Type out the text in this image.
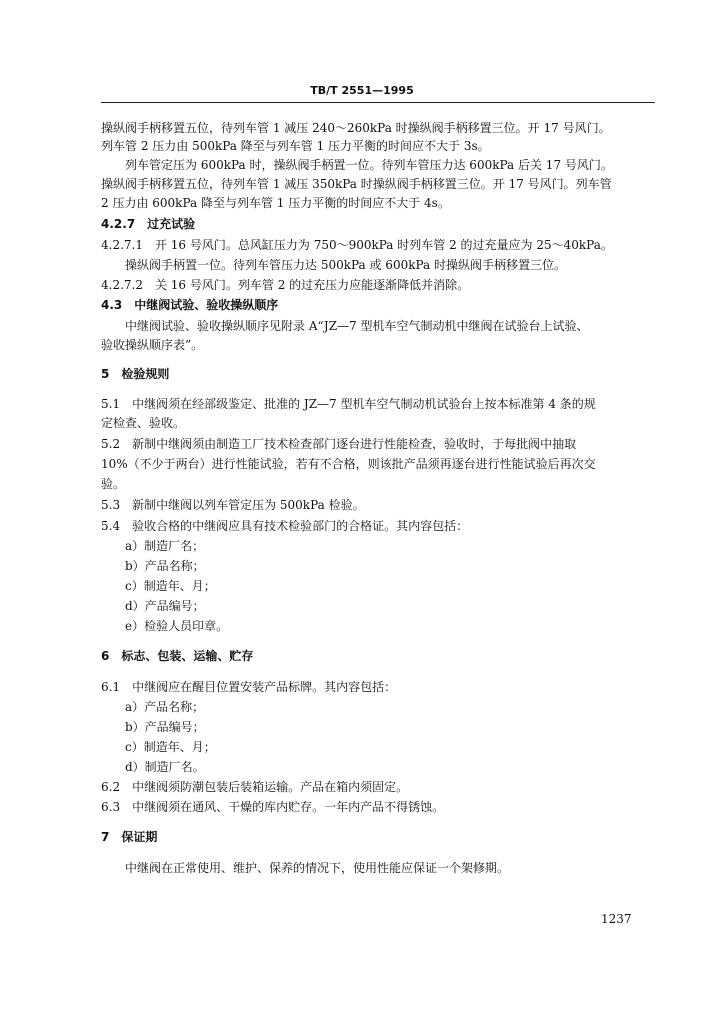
TB/T 2551—1995
操纵阀手柄移置五位，待列车管 1 减压 240～260kPa 时操纵阀手柄移置三位。开 17 号风门。
列车管 2 压力由 500kPa 降至与列车管 1 压力平衡的时间应不大于 3s。
列车管定压为 600kPa 时，操纵阀手柄置一位。待列车管压力达 600kPa 后关 17 号风门。
操纵阀手柄移置五位，待列车管 1 减压 350kPa 时操纵阀手柄移置三位。开 17 号风门。列车管
2 压力由 600kPa 降至与列车管 1 压力平衡的时间应不大于 4s。
4.2.7　过充试验
4.2.7.1　开 16 号风门。总风缸压力为 750～900kPa 时列车管 2 的过充量应为 25～40kPa。
操纵阀手柄置一位。待列车管压力达 500kPa 或 600kPa 时操纵阀手柄移置三位。
4.2.7.2　关 16 号风门。列车管 2 的过充压力应能逐渐降低并消除。
4.3　中继阀试验、验收操纵顺序
中继阀试验、验收操纵顺序见附录 A“JZ—7 型机车空气制动机中继阀在试验台上试验、
验收操纵顺序表”。
5　检验规则
5.1　中继阀须在经部级鉴定、批准的 JZ—7 型机车空气制动机试验台上按本标准第 4 条的规
定检查、验收。
5.2　新制中继阀须由制造工厂技术检查部门逐台进行性能检查，验收时，于每批阀中抽取
10%（不少于两台）进行性能试验，若有不合格，则该批产品须再逐台进行性能试验后再次交
验。
5.3　新制中继阀以列车管定压为 500kPa 检验。
5.4　验收合格的中继阀应具有技术检验部门的合格证。其内容包括：
a）制造厂名；
b）产品名称；
c）制造年、月；
d）产品编号；
e）检验人员印章。
6　标志、包装、运输、贮存
6.1　中继阀应在醒目位置安装产品标牌。其内容包括：
a）产品名称；
b）产品编号；
c）制造年、月；
d）制造厂名。
6.2　中继阀须防潮包装后装箱运输。产品在箱内须固定。
6.3　中继阀须在通风、干燥的库内贮存。一年内产品不得锈蚀。
7　保证期
中继阀在正常使用、维护、保养的情况下，使用性能应保证一个架修期。
1237
